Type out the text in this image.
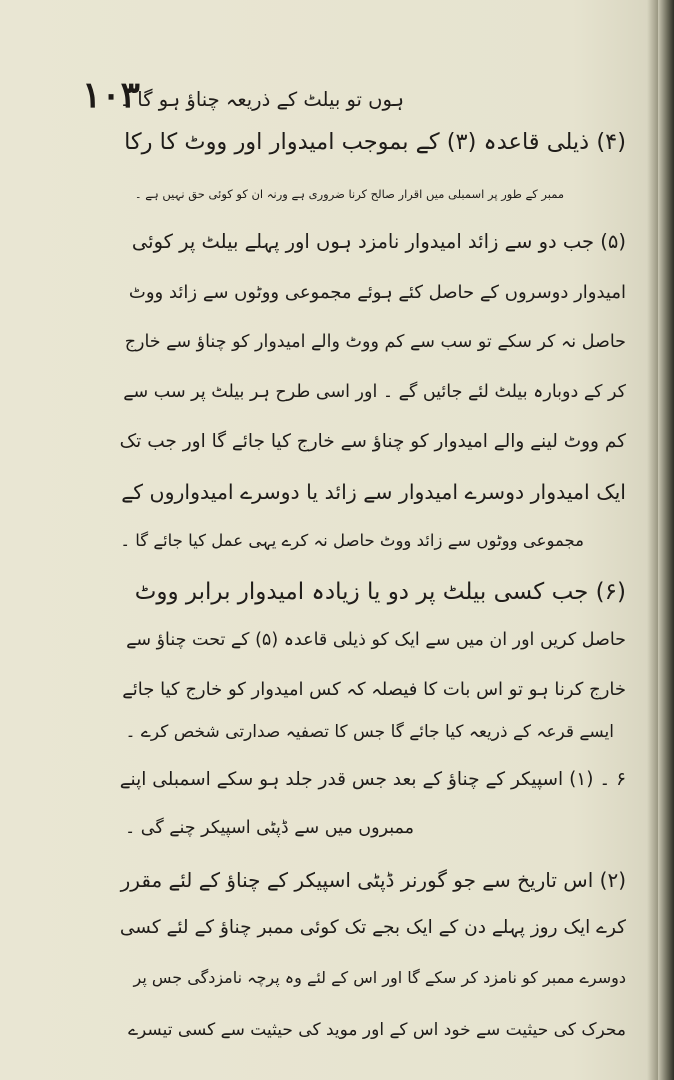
۱۰۳
ہوں تو بیلٹ کے ذریعہ چناؤ ہو گا ۔
(۴) ذیلی قاعدہ (۳) کے بموجب امیدوار اور ووٹ کا رکا
ممبر کے طور پر اسمبلی میں اقرار صالح کرنا ضروری ہے ورنہ ان کو کوئی حق نہیں ہے ۔
(۵) جب دو سے زائد امیدوار نامزد ہوں اور پہلے بیلٹ پر کوئی
امیدوار دوسروں کے حاصل کئے ہوئے مجموعی ووٹوں سے زائد ووٹ
حاصل نہ کر سکے تو سب سے کم ووٹ والے امیدوار کو چناؤ سے خارج
کر کے دوبارہ بیلٹ لئے جائیں گے ۔ اور اسی طرح ہر بیلٹ پر سب سے
کم ووٹ لینے والے امیدوار کو چناؤ سے خارج کیا جائے گا اور جب تک
ایک امیدوار دوسرے امیدوار سے زائد یا دوسرے امیدواروں کے
مجموعی ووٹوں سے زائد ووٹ حاصل نہ کرے یہی عمل کیا جائے گا ۔
(۶) جب کسی بیلٹ پر دو یا زیادہ امیدوار برابر ووٹ
حاصل کریں اور ان میں سے ایک کو ذیلی قاعدہ (۵) کے تحت چناؤ سے
خارج کرنا ہو تو اس بات کا فیصلہ کہ کس امیدوار کو خارج کیا جائے
ایسے قرعہ کے ذریعہ کیا جائے گا جس کا تصفیہ صدارتی شخص کرے ۔
۶ ۔ (۱) اسپیکر کے چناؤ کے بعد جس قدر جلد ہو سکے اسمبلی اپنے
ممبروں میں سے ڈپٹی اسپیکر چنے گی ۔
(۲) اس تاریخ سے جو گورنر ڈپٹی اسپیکر کے چناؤ کے لئے مقرر
کرے ایک روز پہلے دن کے ایک بجے تک کوئی ممبر چناؤ کے لئے کسی
دوسرے ممبر کو نامزد کر سکے گا اور اس کے لئے وہ پرچہ نامزدگی جس پر
محرک کی حیثیت سے خود اس کے اور موید کی حیثیت سے کسی تیسرے
